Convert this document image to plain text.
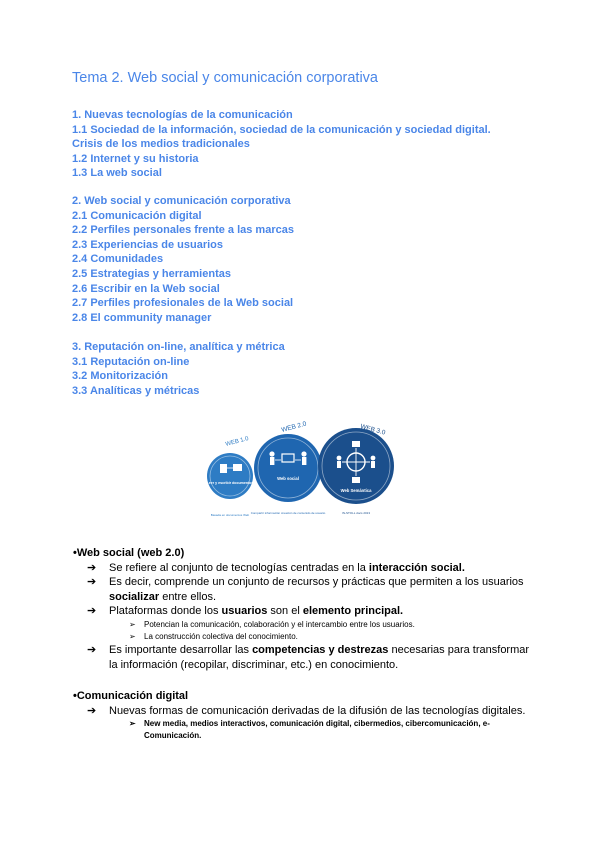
Tema 2. Web social y comunicación corporativa
1. Nuevas tecnologías de la comunicación
1.1 Sociedad de la información, sociedad de la comunicación y sociedad digital.
Crisis de los medios tradicionales
1.2 Internet y su historia
1.3 La web social
2. Web social y comunicación corporativa
2.1 Comunicación digital
2.2 Perfiles personales frente a las marcas
2.3 Experiencias de usuarios
2.4 Comunidades
2.5 Estrategias y herramientas
2.6 Escribir en la Web social
2.7 Perfiles profesionales de la Web social
2.8 El community manager
3. Reputación on-line, analítica y métrica
3.1 Reputación on-line
3.2 Monitorización
3.3 Analíticas y métricas
Leer y escribir documentos
WEB 1.0
Basada en documentos Web
Web social
WEB 2.0
Compartir información creación de contenido de usuario
Web Semántica
WEB 3.0
IN-STOLL docs 2013
•Web social (web 2.0)
➔ Se refiere al conjunto de tecnologías centradas en la interacción social.
➔ Es decir, comprende un conjunto de recursos y prácticas que permiten a los usuarios socializar entre ellos.
➔ Plataformas donde los usuarios son el elemento principal.
➢ Potencian la comunicación, colaboración y el intercambio entre los usuarios.
➢ La construcción colectiva del conocimiento.
➔ Es importante desarrollar las competencias y destrezas necesarias para transformar la información (recopilar, discriminar, etc.) en conocimiento.
•Comunicación digital
➔ Nuevas formas de comunicación derivadas de la difusión de las tecnologías digitales.
➢ New media, medios interactivos, comunicación digital, cibermedios, cibercomunicación, e-Comunicación.
